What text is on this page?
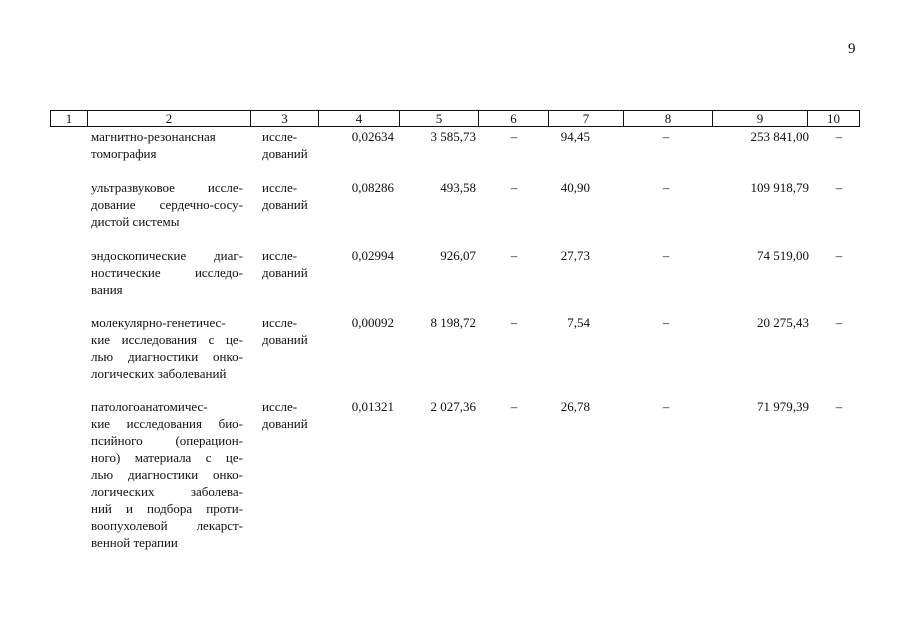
9
1	2	3	4	5	6	7	8	9	10
магнитно-резонансная
томография
иссле-
дований
0,02634	3 585,73	–	94,45	–	253 841,00 –
ультразвуковое иссле-
дование сердечно-сосу-
дистой системы
иссле-
дований
0,08286	493,58	–	40,90	–	109 918,79 –
эндоскопические диаг-
ностические исследо-
вания
иссле-
дований
0,02994	926,07	–	27,73	–	74 519,00 –
молекулярно-генетичес-
кие исследования с це-
лью диагностики онко-
логических заболеваний
иссле-
дований
0,00092	8 198,72	–	7,54	–	20 275,43 –
патологоанатомичес-
кие исследования био-
псийного (операцион-
ного) материала с це-
лью диагностики онко-
логических заболева-
ний и подбора проти-
воопухолевой лекарст-
венной терапии
иссле-
дований
0,01321	2 027,36	–	26,78	–	71 979,39 –
